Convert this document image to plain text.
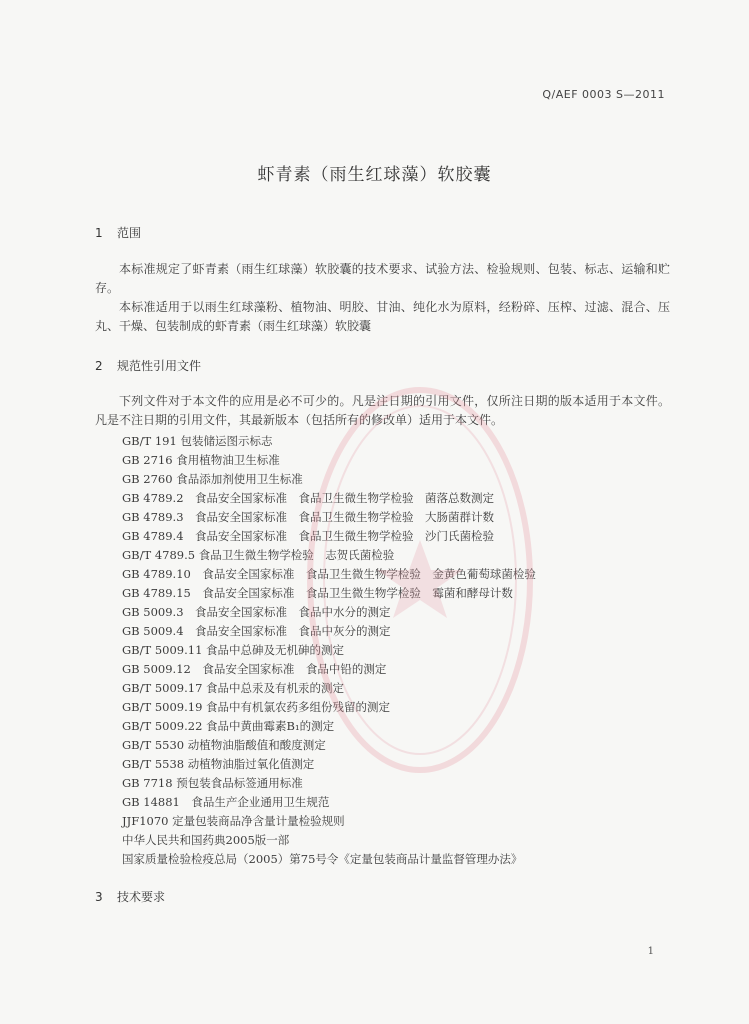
Q/AEF 0003 S—2011
虾青素（雨生红球藻）软胶囊
1 范围
本标准规定了虾青素（雨生红球藻）软胶囊的技术要求、试验方法、检验规则、包装、标志、运输和贮存。
本标准适用于以雨生红球藻粉、植物油、明胶、甘油、纯化水为原料，经粉碎、压榨、过滤、混合、压丸、干燥、包装制成的虾青素（雨生红球藻）软胶囊
2 规范性引用文件
下列文件对于本文件的应用是必不可少的。凡是注日期的引用文件，仅所注日期的版本适用于本文件。凡是不注日期的引用文件，其最新版本（包括所有的修改单）适用于本文件。
GB/T 191 包装储运图示标志
GB 2716 食用植物油卫生标准
GB 2760 食品添加剂使用卫生标准
GB 4789.2　食品安全国家标准　食品卫生微生物学检验　菌落总数测定
GB 4789.3　食品安全国家标准　食品卫生微生物学检验　大肠菌群计数
GB 4789.4　食品安全国家标准　食品卫生微生物学检验　沙门氏菌检验
GB/T 4789.5 食品卫生微生物学检验　志贺氏菌检验
GB 4789.10　食品安全国家标准　食品卫生微生物学检验　金黄色葡萄球菌检验
GB 4789.15　食品安全国家标准　食品卫生微生物学检验　霉菌和酵母计数
GB 5009.3　食品安全国家标准　食品中水分的测定
GB 5009.4　食品安全国家标准　食品中灰分的测定
GB/T 5009.11 食品中总砷及无机砷的测定
GB 5009.12　食品安全国家标准　食品中铅的测定
GB/T 5009.17 食品中总汞及有机汞的测定
GB/T 5009.19 食品中有机氯农药多组份残留的测定
GB/T 5009.22 食品中黄曲霉素B₁的测定
GB/T 5530 动植物油脂酸值和酸度测定
GB/T 5538 动植物油脂过氧化值测定
GB 7718 预包装食品标签通用标准
GB 14881　食品生产企业通用卫生规范
JJF1070 定量包装商品净含量计量检验规则
中华人民共和国药典2005版一部
国家质量检验检疫总局（2005）第75号令《定量包装商品计量监督管理办法》
3 技术要求
1
